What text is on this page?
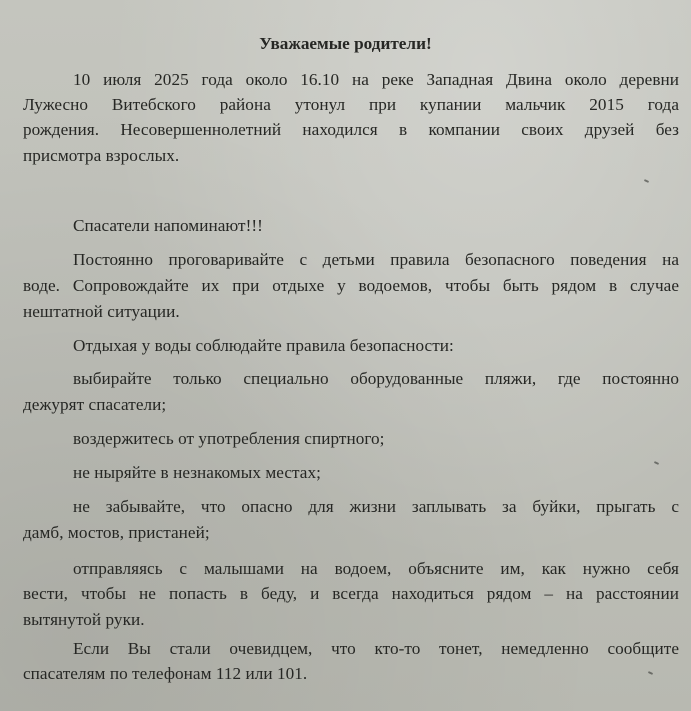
Уважаемые родители!
10 июля 2025 года около 16.10 на реке Западная Двина около деревни
Лужесно Витебского района утонул при купании мальчик 2015 года
рождения. Несовершеннолетний находился в компании своих друзей без
присмотра взрослых.
Спасатели напоминают!!!
Постоянно проговаривайте с детьми правила безопасного поведения на
воде. Сопровождайте их при отдыхе у водоемов, чтобы быть рядом в случае
нештатной ситуации.
Отдыхая у воды соблюдайте правила безопасности:
выбирайте только специально оборудованные пляжи, где постоянно
дежурят спасатели;
воздержитесь от употребления спиртного;
не ныряйте в незнакомых местах;
не забывайте, что опасно для жизни заплывать за буйки, прыгать с
дамб, мостов, пристаней;
отправляясь с малышами на водоем, объясните им, как нужно себя
вести, чтобы не попасть в беду, и всегда находиться рядом – на расстоянии
вытянутой руки.
Если Вы стали очевидцем, что кто-то тонет, немедленно сообщите
спасателям по телефонам 112 или 101.
